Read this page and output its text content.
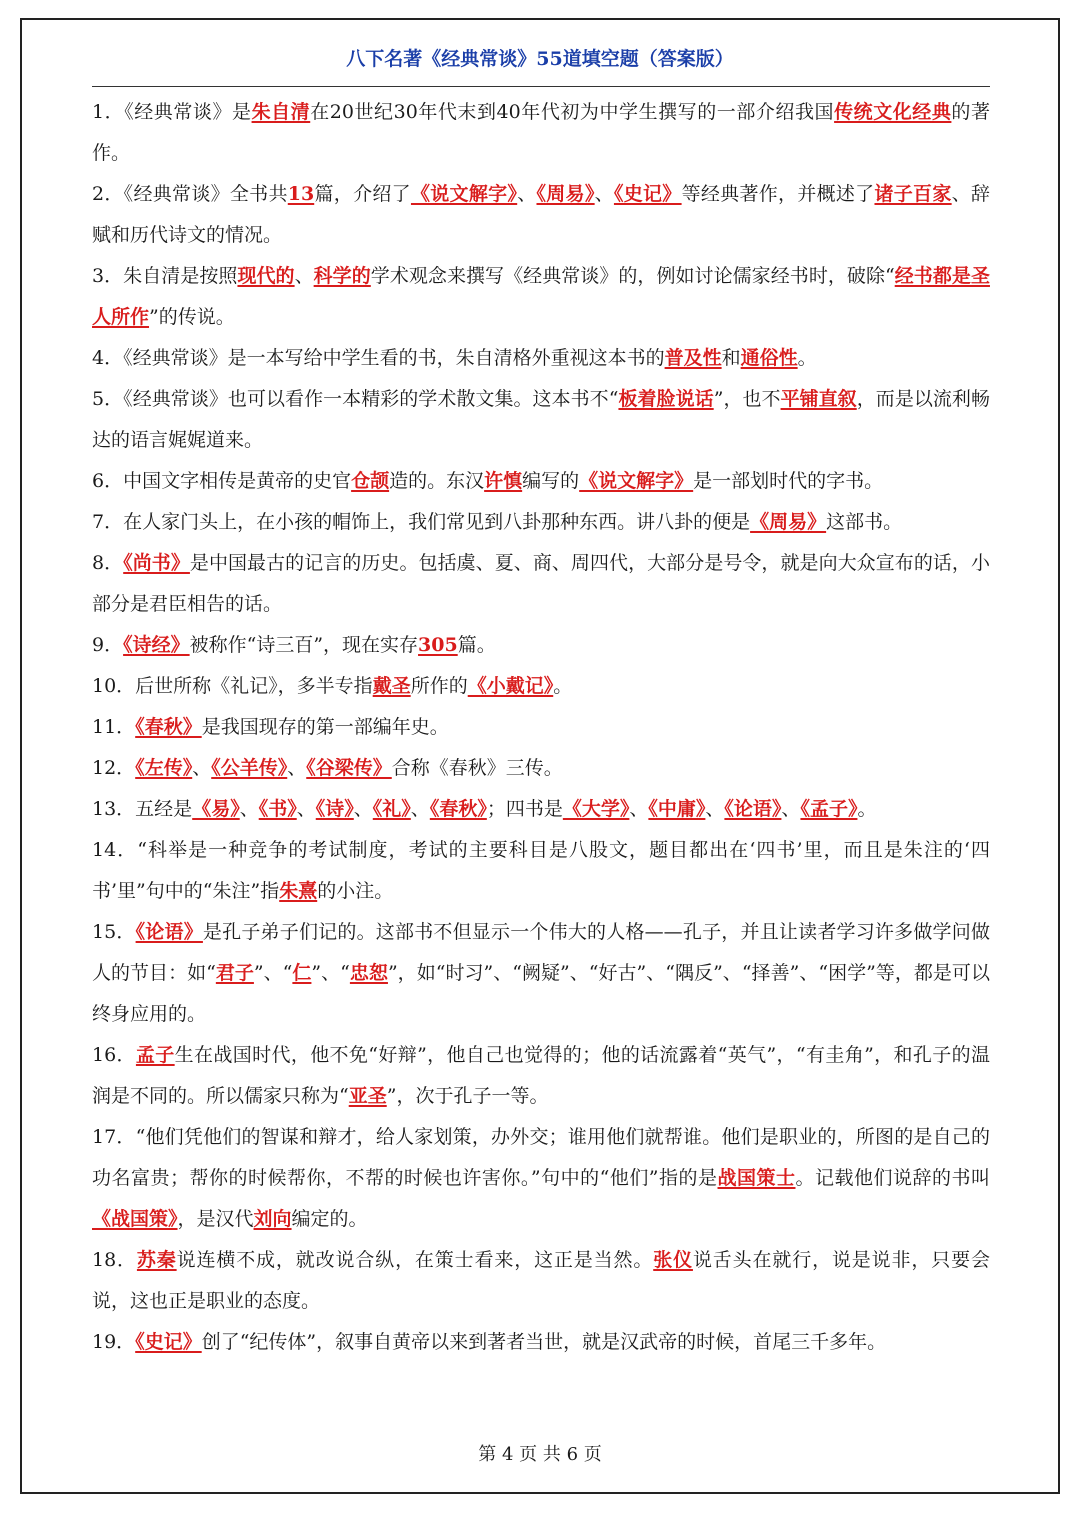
八下名著《经典常谈》55道填空题（答案版）

1．《经典常谈》是朱自清在20世纪30年代末到40年代初为中学生撰写的一部介绍我国传统文化经典的著作。

2．《经典常谈》全书共13篇，介绍了《说文解字》、《周易》、《史记》等经典著作，并概述了诸子百家、辞赋和历代诗文的情况。

3．朱自清是按照现代的、科学的学术观念来撰写《经典常谈》的，例如讨论儒家经书时，破除“经书都是圣人所作”的传说。

4．《经典常谈》是一本写给中学生看的书，朱自清格外重视这本书的普及性和通俗性。

5．《经典常谈》也可以看作一本精彩的学术散文集。这本书不“板着脸说话”，也不平铺直叙，而是以流利畅达的语言娓娓道来。

6．中国文字相传是黄帝的史官仓颉造的。东汉许慎编写的《说文解字》是一部划时代的字书。

7．在人家门头上，在小孩的帽饰上，我们常见到八卦那种东西。讲八卦的便是《周易》这部书。

8．《尚书》是中国最古的记言的历史。包括虞、夏、商、周四代，大部分是号令，就是向大众宣布的话，小部分是君臣相告的话。

9．《诗经》被称作“诗三百”，现在实存305篇。

10．后世所称《礼记》，多半专指戴圣所作的《小戴记》。

11．《春秋》是我国现存的第一部编年史。

12．《左传》、《公羊传》、《谷梁传》合称《春秋》三传。

13．五经是《易》、《书》、《诗》、《礼》、《春秋》；四书是《大学》、《中庸》、《论语》、《孟子》。

14．“科举是一种竞争的考试制度，考试的主要科目是八股文，题目都出在‘四书’里，而且是朱注的‘四书’里”句中的“朱注”指朱熹的小注。

15．《论语》是孔子弟子们记的。这部书不但显示一个伟大的人格——孔子，并且让读者学习许多做学问做人的节目：如“君子”、“仁”、“忠恕”，如“时习”、“阙疑”、“好古”、“隅反”、“择善”、“困学”等，都是可以终身应用的。

16．孟子生在战国时代，他不免“好辩”，他自己也觉得的；他的话流露着“英气”，“有圭角”，和孔子的温润是不同的。所以儒家只称为“亚圣”，次于孔子一等。

17．“他们凭他们的智谋和辩才，给人家划策，办外交；谁用他们就帮谁。他们是职业的，所图的是自己的功名富贵；帮你的时候帮你，不帮的时候也许害你。”句中的“他们”指的是战国策士。记载他们说辞的书叫《战国策》，是汉代刘向编定的。

18．苏秦说连横不成，就改说合纵，在策士看来，这正是当然。张仪说舌头在就行，说是说非，只要会说，这也正是职业的态度。

19．《史记》创了“纪传体”，叙事自黄帝以来到著者当世，就是汉武帝的时候，首尾三千多年。

第 4 页 共 6 页
